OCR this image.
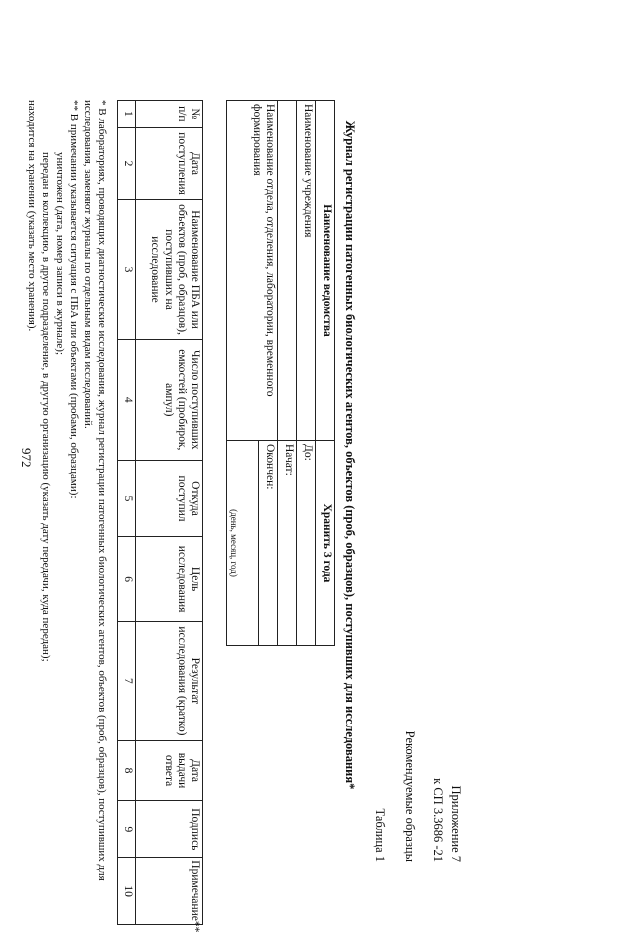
972
Приложение 7
к СП 3.3686 -21
Рекомендуемые образцы
Таблица 1
Журнал регистрации патогенных биологических агентов, объектов (проб, образцов), поступивших для исследования*
Наименование ведомства	Хранить 3 года
Наименование учреждения	До:
	Начат:
Наименование отдела, отделения, лаборатории, временного формирования	Окончен:
	(день, месяц, год)
№ п/п	Дата поступления	Наименование ПБА или объектов (проб, образцов), поступивших на исследование	Число поступивших емкостей (пробирок, ампул)	Откуда поступил	Цель исследования	Результат исследования (кратко)	Дата выдачи ответа	Подпись	Примечание**
1	2	3	4	5	6	7	8	9	10

* В лабораториях, проводящих диагностические исследования, журнал регистрации патогенных биологических агентов, объектов (проб, образцов), поступивших для исследования, заменяют журналы по отдельным видам исследований.

** В примечании указывается ситуация с ПБА или объектами (пробами, образцами):

уничтожен (дата, номер записи в журнале);

передан в коллекцию, в другое подразделение, в другую организацию (указать дату передачи, куда передан);

находится на хранении (указать место хранения).
